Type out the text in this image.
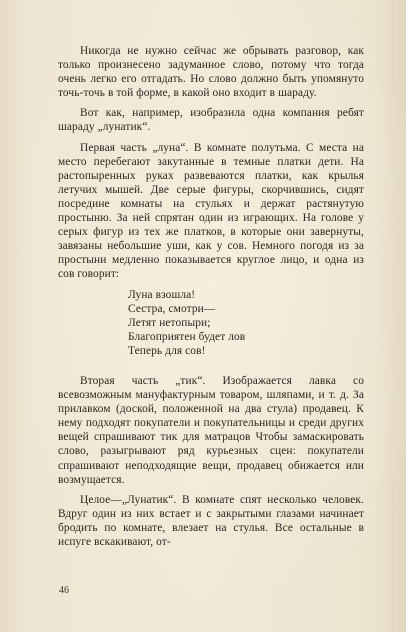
Никогда не нужно сейчас же обрывать разговор, как только произнесено задуманное слово, потому что тогда очень легко его отгадать. Но слово должно быть упомянуто точь-точь в той форме, в какой оно входит в шараду.

Вот как, например, изобразила одна компания ребят шараду „лунатик“.

Первая часть „луна“. В комнате полутьма. С места на место перебегают закутанные в темные платки дети. На растопыренных руках развеваются платки, как крылья летучих мышей. Две серые фигуры, скорчившись, сидят посредине комнаты на стульях и держат растянутую простыню. За ней спрятан один из играющих. На голове у серых фигур из тех же платков, в которые они завернуты, завязаны небольшие уши, как у сов. Немного погодя из за простыни медленно показывается круглое лицо, и одна из сов говорит:

Луна взошла!
Сестра, смотри—
Летят нетопыри;
Благоприятен будет лов
Теперь для сов!

Вторая часть „тик“. Изображается лавка со всевозможным мануфактурным товаром, шляпами, и т. д. За прилавком (доской, положенной на два стула) продавец. К нему подходят покупатели и покупательницы и среди других вещей спрашивают тик для матрацов Чтобы замаскировать слово, разыгрывают ряд курьезных сцен: покупатели спрашивают неподходящие вещи, продавец обижается или возмущается.

Целое—„Лунатик“. В комнате спят несколько человек. Вдруг один из них встает и с закрытыми глазами начинает бродить по комнате, влезает на стулья. Все остальные в испуге вскакивают, от-

46
